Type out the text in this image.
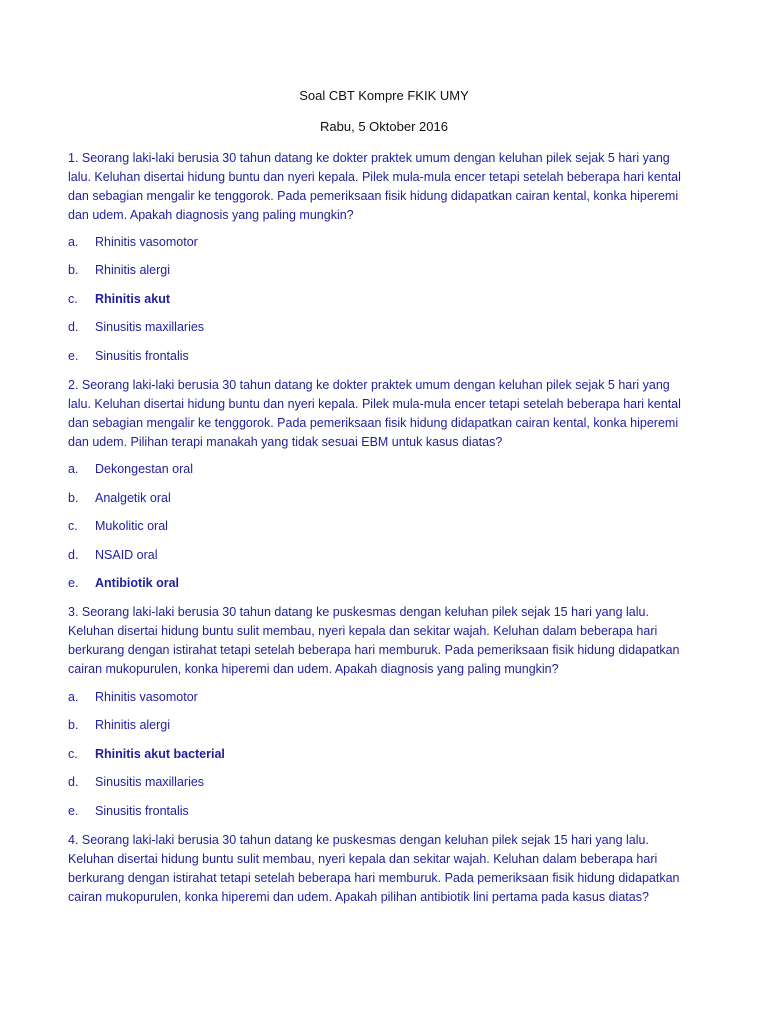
Soal CBT Kompre FKIK UMY
Rabu, 5 Oktober 2016

1. Seorang laki-laki berusia 30 tahun datang ke dokter praktek umum dengan keluhan pilek sejak 5 hari yang lalu. Keluhan disertai hidung buntu dan nyeri kepala. Pilek mula-mula encer tetapi setelah beberapa hari kental dan sebagian mengalir ke tenggorok. Pada pemeriksaan fisik hidung didapatkan cairan kental, konka hiperemi dan udem. Apakah diagnosis yang paling mungkin?

a. Rhinitis vasomotor
b. Rhinitis alergi
c. Rhinitis akut
d. Sinusitis maxillaries
e. Sinusitis frontalis

2. Seorang laki-laki berusia 30 tahun datang ke dokter praktek umum dengan keluhan pilek sejak 5 hari yang lalu. Keluhan disertai hidung buntu dan nyeri kepala. Pilek mula-mula encer tetapi setelah beberapa hari kental dan sebagian mengalir ke tenggorok. Pada pemeriksaan fisik hidung didapatkan cairan kental, konka hiperemi dan udem. Pilihan terapi manakah yang tidak sesuai EBM untuk kasus diatas?

a. Dekongestan oral
b. Analgetik oral
c. Mukolitic oral
d. NSAID oral
e. Antibiotik oral

3. Seorang laki-laki berusia 30 tahun datang ke puskesmas dengan keluhan pilek sejak 15 hari yang lalu. Keluhan disertai hidung buntu sulit membau, nyeri kepala dan sekitar wajah. Keluhan dalam beberapa hari berkurang dengan istirahat tetapi setelah beberapa hari memburuk. Pada pemeriksaan fisik hidung didapatkan cairan mukopurulen, konka hiperemi dan udem. Apakah diagnosis yang paling mungkin?

a. Rhinitis vasomotor
b. Rhinitis alergi
c. Rhinitis akut bacterial
d. Sinusitis maxillaries
e. Sinusitis frontalis

4. Seorang laki-laki berusia 30 tahun datang ke puskesmas dengan keluhan pilek sejak 15 hari yang lalu. Keluhan disertai hidung buntu sulit membau, nyeri kepala dan sekitar wajah. Keluhan dalam beberapa hari berkurang dengan istirahat tetapi setelah beberapa hari memburuk. Pada pemeriksaan fisik hidung didapatkan cairan mukopurulen, konka hiperemi dan udem. Apakah pilihan antibiotik lini pertama pada kasus diatas?
